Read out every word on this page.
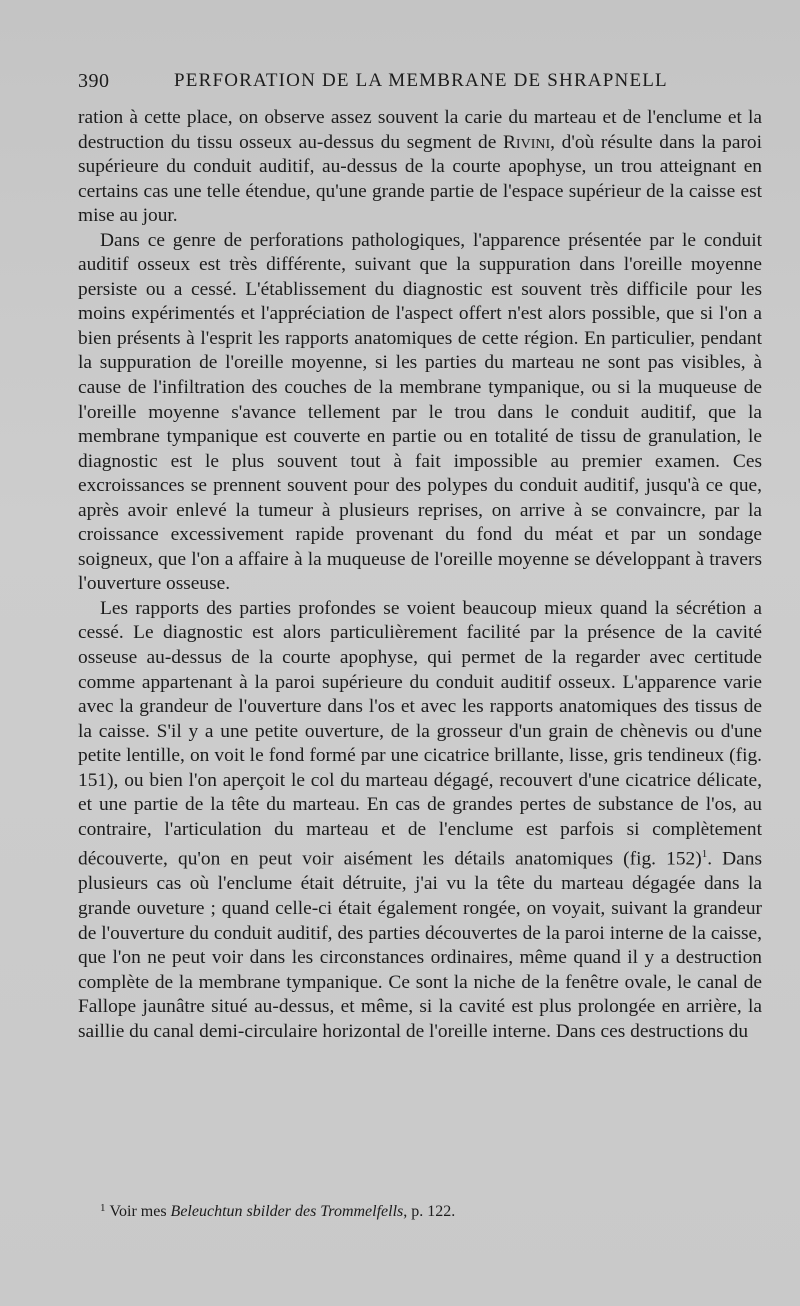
390	PERFORATION DE LA MEMBRANE DE SHRAPNELL

ration à cette place, on observe assez souvent la carie du marteau et de l'enclume et la destruction du tissu osseux au-dessus du segment de Rivini, d'où résulte dans la paroi supérieure du conduit auditif, au-dessus de la courte apophyse, un trou atteignant en certains cas une telle étendue, qu'une grande partie de l'espace supérieur de la caisse est mise au jour.

Dans ce genre de perforations pathologiques, l'apparence présentée par le conduit auditif osseux est très différente, suivant que la suppuration dans l'oreille moyenne persiste ou a cessé. L'établissement du diagnostic est souvent très difficile pour les moins expérimentés et l'appréciation de l'aspect offert n'est alors possible, que si l'on a bien présents à l'esprit les rapports anatomiques de cette région. En particulier, pendant la suppuration de l'oreille moyenne, si les parties du marteau ne sont pas visibles, à cause de l'infiltration des couches de la membrane tympanique, ou si la muqueuse de l'oreille moyenne s'avance tellement par le trou dans le conduit auditif, que la membrane tympanique est couverte en partie ou en totalité de tissu de granulation, le diagnostic est le plus souvent tout à fait impossible au premier examen. Ces excroissances se prennent souvent pour des polypes du conduit auditif, jusqu'à ce que, après avoir enlevé la tumeur à plusieurs reprises, on arrive à se convaincre, par la croissance excessivement rapide provenant du fond du méat et par un sondage soigneux, que l'on a affaire à la muqueuse de l'oreille moyenne se développant à travers l'ouverture osseuse.

Les rapports des parties profondes se voient beaucoup mieux quand la sécrétion a cessé. Le diagnostic est alors particulièrement facilité par la présence de la cavité osseuse au-dessus de la courte apophyse, qui permet de la regarder avec certitude comme appartenant à la paroi supérieure du conduit auditif osseux. L'apparence varie avec la grandeur de l'ouverture dans l'os et avec les rapports anatomiques des tissus de la caisse. S'il y a une petite ouverture, de la grosseur d'un grain de chènevis ou d'une petite lentille, on voit le fond formé par une cicatrice brillante, lisse, gris tendineux (fig. 151), ou bien l'on aperçoit le col du marteau dégagé, recouvert d'une cicatrice délicate, et une partie de la tête du marteau. En cas de grandes pertes de substance de l'os, au contraire, l'articulation du marteau et de l'enclume est parfois si complètement découverte, qu'on en peut voir aisément les détails anatomiques (fig. 152)$^1$. Dans plusieurs cas où l'enclume était détruite, j'ai vu la tête du marteau dégagée dans la grande ouveture ; quand celle-ci était également rongée, on voyait, suivant la grandeur de l'ouverture du conduit auditif, des parties découvertes de la paroi interne de la caisse, que l'on ne peut voir dans les circonstances ordinaires, même quand il y a destruction complète de la membrane tympanique. Ce sont la niche de la fenêtre ovale, le canal de Fallope jaunâtre situé au-dessus, et même, si la cavité est plus prolongée en arrière, la saillie du canal demi-circulaire horizontal de l'oreille interne. Dans ces destructions du

$^1$ Voir mes Beleuchtun sbilder des Trommelfells, p. 122.
